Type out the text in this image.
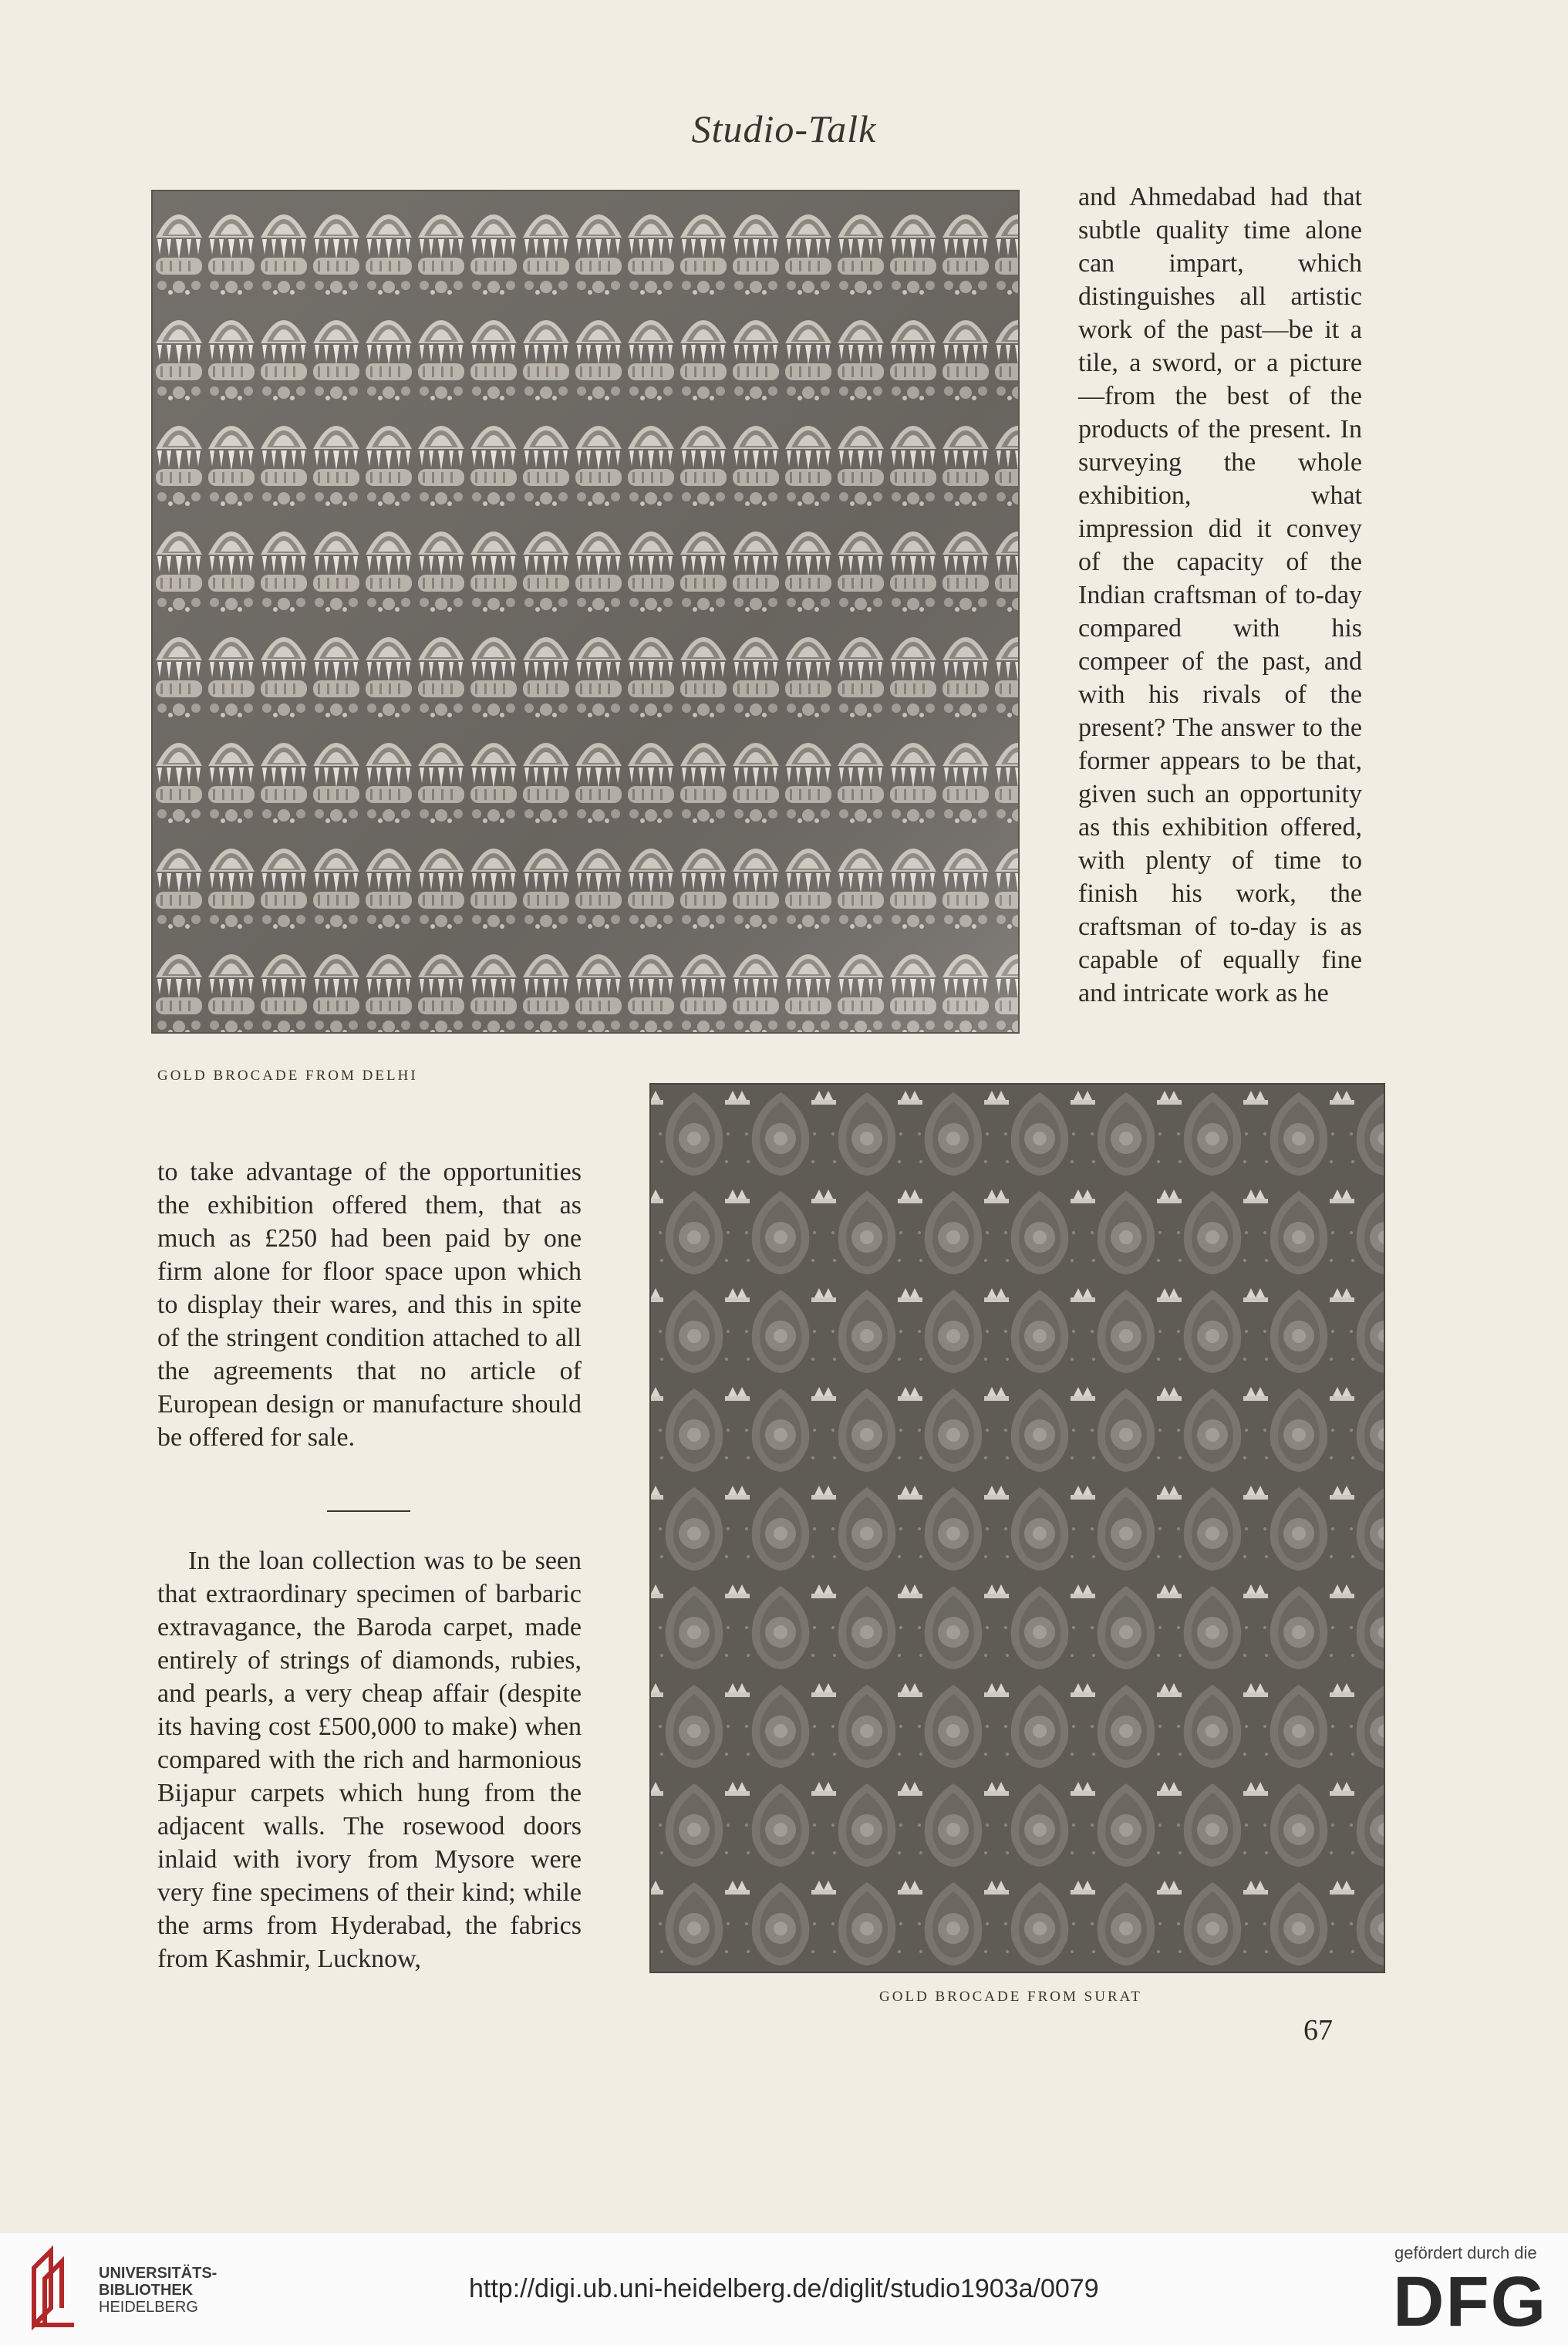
Studio-Talk
GOLD BROCADE FROM DELHI

and Ahmedabad had that subtle quality time alone can impart, which distinguishes all artistic work of the past—be it a tile, a sword, or a picture —from the best of the products of the present. In surveying the whole exhibition, what impression did it convey of the capacity of the Indian craftsman of to-day compared with his compeer of the past, and with his rivals of the present? The answer to the former appears to be that, given such an opportunity as this exhibition offered, with plenty of time to finish his work, the craftsman of to-day is as capable of equally fine and intricate work as he

GOLD BROCADE FROM SURAT

to take advantage of the opportunities the exhibition offered them, that as much as £250 had been paid by one firm alone for floor space upon which to display their wares, and this in spite of the stringent condition attached to all the agreements that no article of European design or manufacture should be offered for sale.

In the loan collection was to be seen that extraordinary specimen of barbaric extravagance, the Baroda carpet, made entirely of strings of diamonds, rubies, and pearls, a very cheap affair (despite its having cost £500,000 to make) when compared with the rich and harmonious Bijapur carpets which hung from the adjacent walls. The rosewood doors inlaid with ivory from Mysore were very fine specimens of their kind; while the arms from Hyderabad, the fabrics from Kashmir, Lucknow,

67
UNIVERSITÄTS-
BIBLIOTHEK
HEIDELBERG
http://digi.ub.uni-heidelberg.de/diglit/studio1903a/0079
gefördert durch die
DFG
